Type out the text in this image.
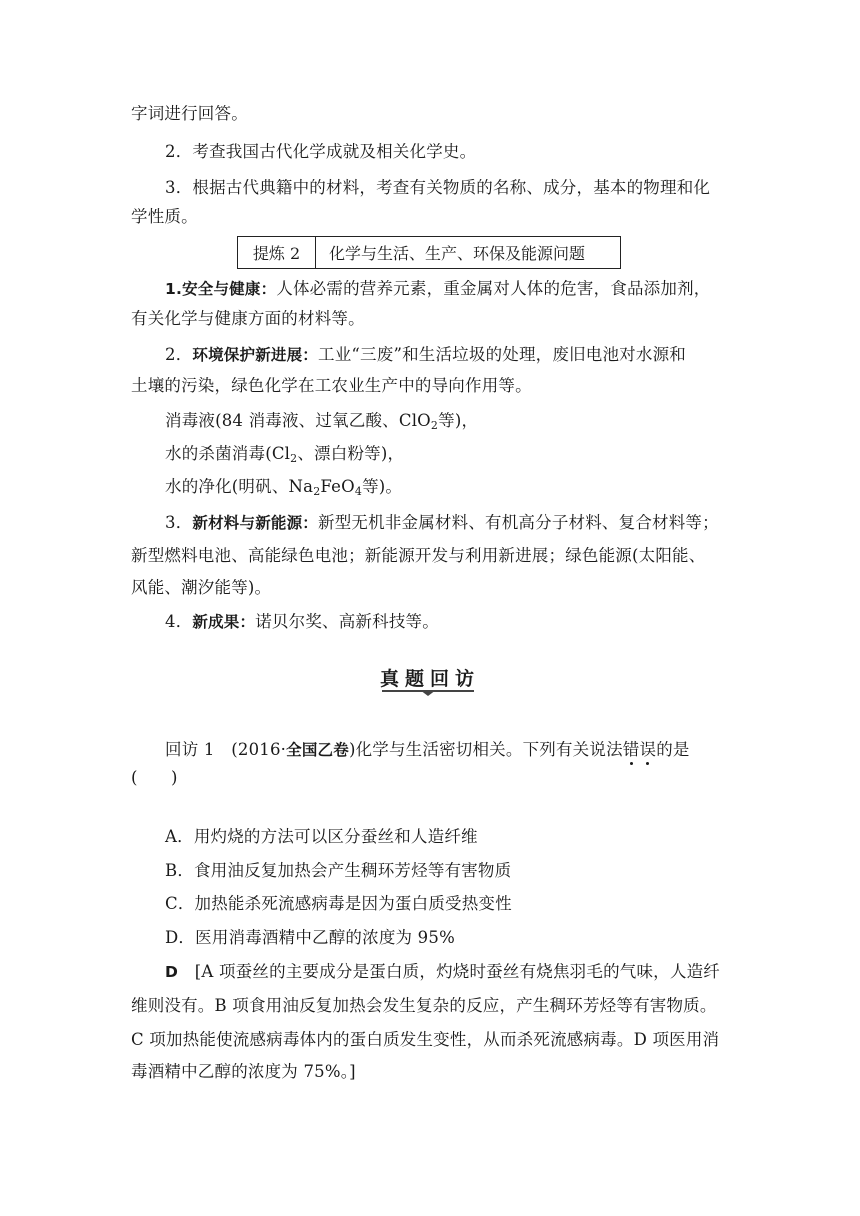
字词进行回答。
2．考查我国古代化学成就及相关化学史。
3．根据古代典籍中的材料，考查有关物质的名称、成分，基本的物理和化
学性质。
提炼 2	化学与生活、生产、环保及能源问题
1.安全与健康：人体必需的营养元素，重金属对人体的危害，食品添加剂，
有关化学与健康方面的材料等。
2．环境保护新进展：工业“三废”和生活垃圾的处理，废旧电池对水源和
土壤的污染，绿色化学在工农业生产中的导向作用等。
消毒液(84 消毒液、过氧乙酸、ClO$_2$等)，
水的杀菌消毒($Cl_2$、漂白粉等)，
水的净化(明矾、$Na_2FeO_4$等)。
3．新材料与新能源：新型无机非金属材料、有机高分子材料、复合材料等；
新型燃料电池、高能绿色电池；新能源开发与利用新进展；绿色能源(太阳能、
风能、潮汐能等)。
4．新成果：诺贝尔奖、高新科技等。
真题回访
回访 1　(2016·全国乙卷)化学与生活密切相关。下列有关说法错误的是
(　　)
A．用灼烧的方法可以区分蚕丝和人造纤维
B．食用油反复加热会产生稠环芳烃等有害物质
C．加热能杀死流感病毒是因为蛋白质受热变性
D．医用消毒酒精中乙醇的浓度为 95%
D　[A 项蚕丝的主要成分是蛋白质，灼烧时蚕丝有烧焦羽毛的气味，人造纤
维则没有。B 项食用油反复加热会发生复杂的反应，产生稠环芳烃等有害物质。
C 项加热能使流感病毒体内的蛋白质发生变性，从而杀死流感病毒。D 项医用消
毒酒精中乙醇的浓度为 75%。]
